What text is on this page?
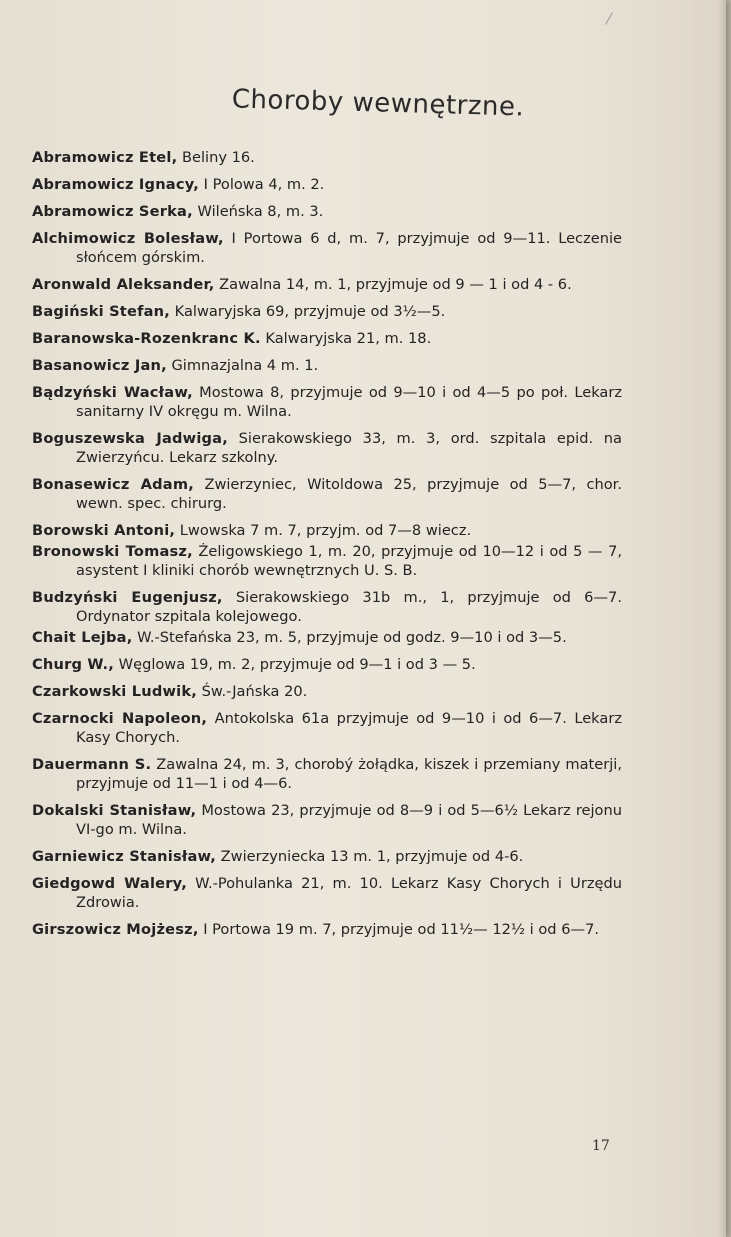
Choroby wewnętrzne.

Abramowicz Etel, Beliny 16.

Abramowicz Ignacy, I Polowa 4, m. 2.

Abramowicz Serka, Wileńska 8, m. 3.

Alchimowicz Bolesław, I Portowa 6 d, m. 7, przyjmuje od 9—11. Leczenie słońcem górskim.

Aronwald Aleksander, Zawalna 14, m. 1, przyjmuje od 9 — 1 i od 4 - 6.

Bagiński Stefan, Kalwaryjska 69, przyjmuje od 3½—5.

Baranowska-Rozenkranc K. Kalwaryjska 21, m. 18.

Basanowicz Jan, Gimnazjalna 4 m. 1.

Bądzyński Wacław, Mostowa 8, przyjmuje od 9—10 i od 4—5 po poł. Lekarz sanitarny IV okręgu m. Wilna.

Boguszewska Jadwiga, Sierakowskiego 33, m. 3, ord. szpitala epid. na Zwierzyńcu. Lekarz szkolny.

Bonasewicz Adam, Zwierzyniec, Witoldowa 25, przyjmuje od 5—7, chor. wewn. spec. chirurg.

Borowski Antoni, Lwowska 7 m. 7, przyjm. od 7—8 wiecz.

Bronowski Tomasz, Żeligowskiego 1, m. 20, przyjmuje od 10—12 i od 5 — 7, asystent I kliniki chorób wewnętrznych U. S. B.

Budzyński Eugenjusz, Sierakowskiego 31b m., 1, przyjmuje od 6—7. Ordynator szpitala kolejowego.

Chait Lejba, W.-Stefańska 23, m. 5, przyjmuje od godz. 9—10 i od 3—5.

Churg W., Węglowa 19, m. 2, przyjmuje od 9—1 i od 3 — 5.

Czarkowski Ludwik, Św.-Jańska 20.

Czarnocki Napoleon, Antokolska 61a przyjmuje od 9—10 i od 6—7. Lekarz Kasy Chorych.

Dauermann S. Zawalna 24, m. 3, chorobý żołądka, kiszek i przemiany materji, przyjmuje od 11—1 i od 4—6.

Dokalski Stanisław, Mostowa 23, przyjmuje od 8—9 i od 5—6½ Lekarz rejonu VI-go m. Wilna.

Garniewicz Stanisław, Zwierzyniecka 13 m. 1, przyjmuje od 4-6.

Giedgowd Walery, W.-Pohulanka 21, m. 10. Lekarz Kasy Chorych i Urzędu Zdrowia.

Girszowicz Mojżesz, I Portowa 19 m. 7, przyjmuje od 11½— 12½ i od 6—7.

17
